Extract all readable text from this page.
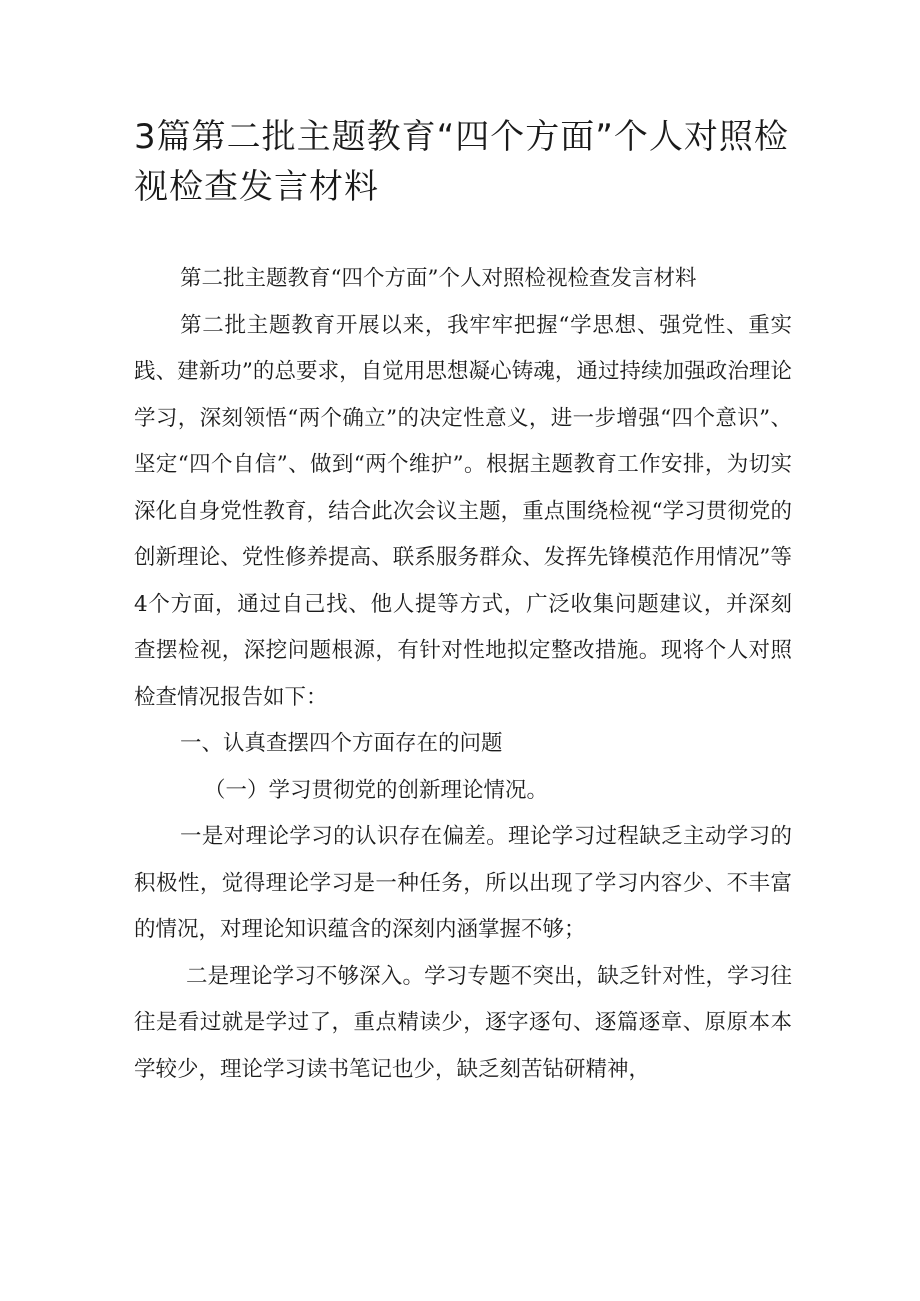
3篇第二批主题教育“四个方面”个人对照检视检查发言材料

第二批主题教育“四个方面”个人对照检视检查发言材料

第二批主题教育开展以来，我牢牢把握“学思想、强党性、重实践、建新功”的总要求，自觉用思想凝心铸魂，通过持续加强政治理论学习，深刻领悟“两个确立”的决定性意义，进一步增强“四个意识”、坚定“四个自信”、做到“两个维护”。根据主题教育工作安排，为切实深化自身党性教育，结合此次会议主题，重点围绕检视“学习贯彻党的创新理论、党性修养提高、联系服务群众、发挥先锋模范作用情况”等4个方面，通过自己找、他人提等方式，广泛收集问题建议，并深刻查摆检视，深挖问题根源，有针对性地拟定整改措施。现将个人对照检查情况报告如下：

一、认真查摆四个方面存在的问题

（一）学习贯彻党的创新理论情况。

一是对理论学习的认识存在偏差。理论学习过程缺乏主动学习的积极性，觉得理论学习是一种任务，所以出现了学习内容少、不丰富的情况，对理论知识蕴含的深刻内涵掌握不够；

二是理论学习不够深入。学习专题不突出，缺乏针对性，学习往往是看过就是学过了，重点精读少，逐字逐句、逐篇逐章、原原本本学较少，理论学习读书笔记也少，缺乏刻苦钻研精神，
